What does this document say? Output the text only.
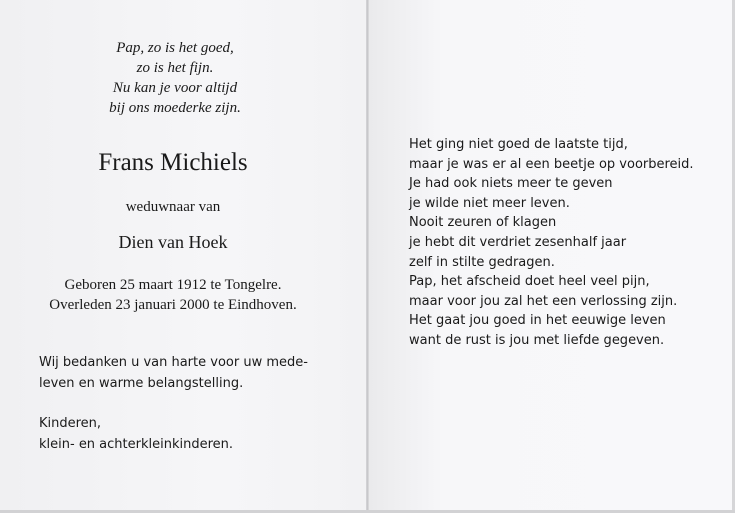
Pap, zo is het goed,
zo is het fijn.
Nu kan je voor altijd
bij ons moederke zijn.
Frans Michiels
weduwnaar van
Dien van Hoek
Geboren 25 maart 1912 te Tongelre.
Overleden 23 januari 2000 te Eindhoven.
Wij bedanken u van harte voor uw mede-
leven en warme belangstelling.
Kinderen,
klein- en achterkleinkinderen.
Het ging niet goed de laatste tijd,
maar je was er al een beetje op voorbereid.
Je had ook niets meer te geven
je wilde niet meer leven.
Nooit zeuren of klagen
je hebt dit verdriet zesenhalf jaar
zelf in stilte gedragen.
Pap, het afscheid doet heel veel pijn,
maar voor jou zal het een verlossing zijn.
Het gaat jou goed in het eeuwige leven
want de rust is jou met liefde gegeven.
